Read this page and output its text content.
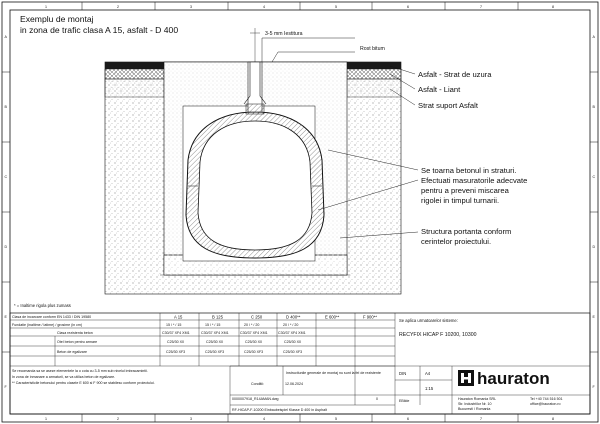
A
B
C
D
E
F
A
B
C
D
E
F
1	2	3	4	5	6	7	8
1	2	3	4	5	6	7	8
Exemplu de montaj
in zona de trafic clasa A 15, asfalt - D 400	3-5 mm Iestitura
Rost bitum
Asfalt - Strat de uzura
Asfalt - Liant
Strat suport Asfalt
Se toarna betonul in straturi.
Efectuati masuratorile adecvate
pentru a preveni miscarea
rigolei in timpul turnarii.
Structura portanta conform
cerintelor proiectului.
* = Inaltime rigola plus zumass
Clasa de incarcare conform EN 1433 / DIN 19580	A 15	B 125	C 250	D 400**	E 600**	F 900**
Fundatie (inaltime / latime) / grosime (in cm)	15 / * / 15	15 / * / 15	20 / * / 20	20 / * / 20
Clasa rezistenta beton	C30/37 XF4 XM1	C30/37 XF4 XM1	C30/37 XF4 XM1	C30/37 XF4 XM1
Otel beton pentru armare	C25/30 X0	C25/30 X0	C25/30 X0	C25/30 X0
Beton de egalizare	C25/30 XF3	C25/30 XF3	C25/30 XF3	C25/30 XF3
Se recomanda sa se aseze elementele la o cota cu 3-5 mm sub nivelul imbracamintii.
In zona de inmanare a armaturii, se va utiliza beton de egalizare.
** Caracteristicile betonului pentru clasele E 600 si F 900 se stabilesc conform proiectului.
Se aplica urmatoarelor sisteme:
RECYFIX HICAP F 10200, 10300
Conditii:	12.06.2024
Instructiunile generale de montaj nu sunt la fel de rezistente
0
DIN	A4
1:15
0000007918_R14AMAN.dwg	EBilde
RF-HICAP-F-10200 Einbaubeispiel Klasse D 400 in Asphalt
hauraton
Hauraton Romania SRL
Str. Industriilor Nr. 10
Bucuresti / Romania
Tel +40 744 516 501
office@hauraton.ro
